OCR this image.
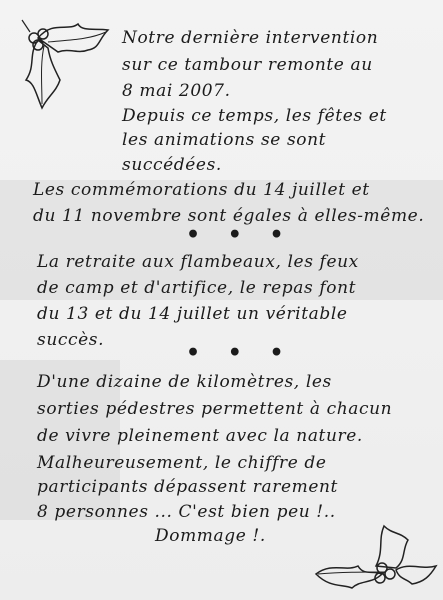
Notre dernière intervention
sur ce tambour remonte au
8 mai 2007.
Depuis ce temps, les fêtes et
les animations se sont
succédées.
Les commémorations du 14 juillet et
du 11 novembre sont égales à elles-même.
• • •
La retraite aux flambeaux, les feux
de camp et d'artifice, le repas font
du 13 et du 14 juillet un véritable
succès.	• • •
D'une dizaine de kilomètres, les
sorties pédestres permettent à chacun
de vivre pleinement avec la nature.
Malheureusement, le chiffre de
participants dépassent rarement
8 personnes ... C'est bien peu !..
Dommage !.
